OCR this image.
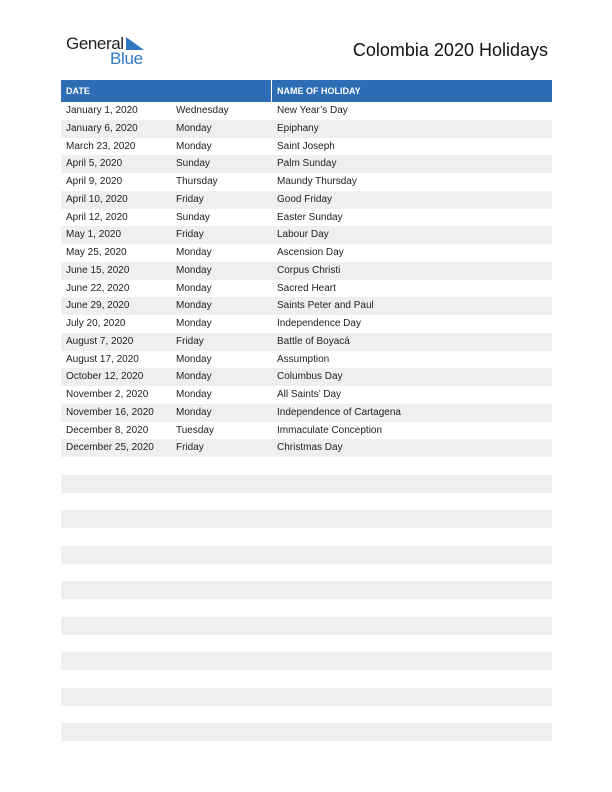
General
Blue	Colombia 2020 Holidays
DATE	NAME OF HOLIDAY
January 1, 2020	Wednesday	New Year’s Day
January 6, 2020	Monday	Epiphany
March 23, 2020	Monday	Saint Joseph
April 5, 2020	Sunday	Palm Sunday
April 9, 2020	Thursday	Maundy Thursday
April 10, 2020	Friday	Good Friday
April 12, 2020	Sunday	Easter Sunday
May 1, 2020	Friday	Labour Day
May 25, 2020	Monday	Ascension Day
June 15, 2020	Monday	Corpus Christi
June 22, 2020	Monday	Sacred Heart
June 29, 2020	Monday	Saints Peter and Paul
July 20, 2020	Monday	Independence Day
August 7, 2020	Friday	Battle of Boyacá
August 17, 2020	Monday	Assumption
October 12, 2020	Monday	Columbus Day
November 2, 2020	Monday	All Saints’ Day
November 16, 2020 Monday	Independence of Cartagena
December 8, 2020	Tuesday	Immaculate Conception
December 25, 2020 Friday	Christmas Day
